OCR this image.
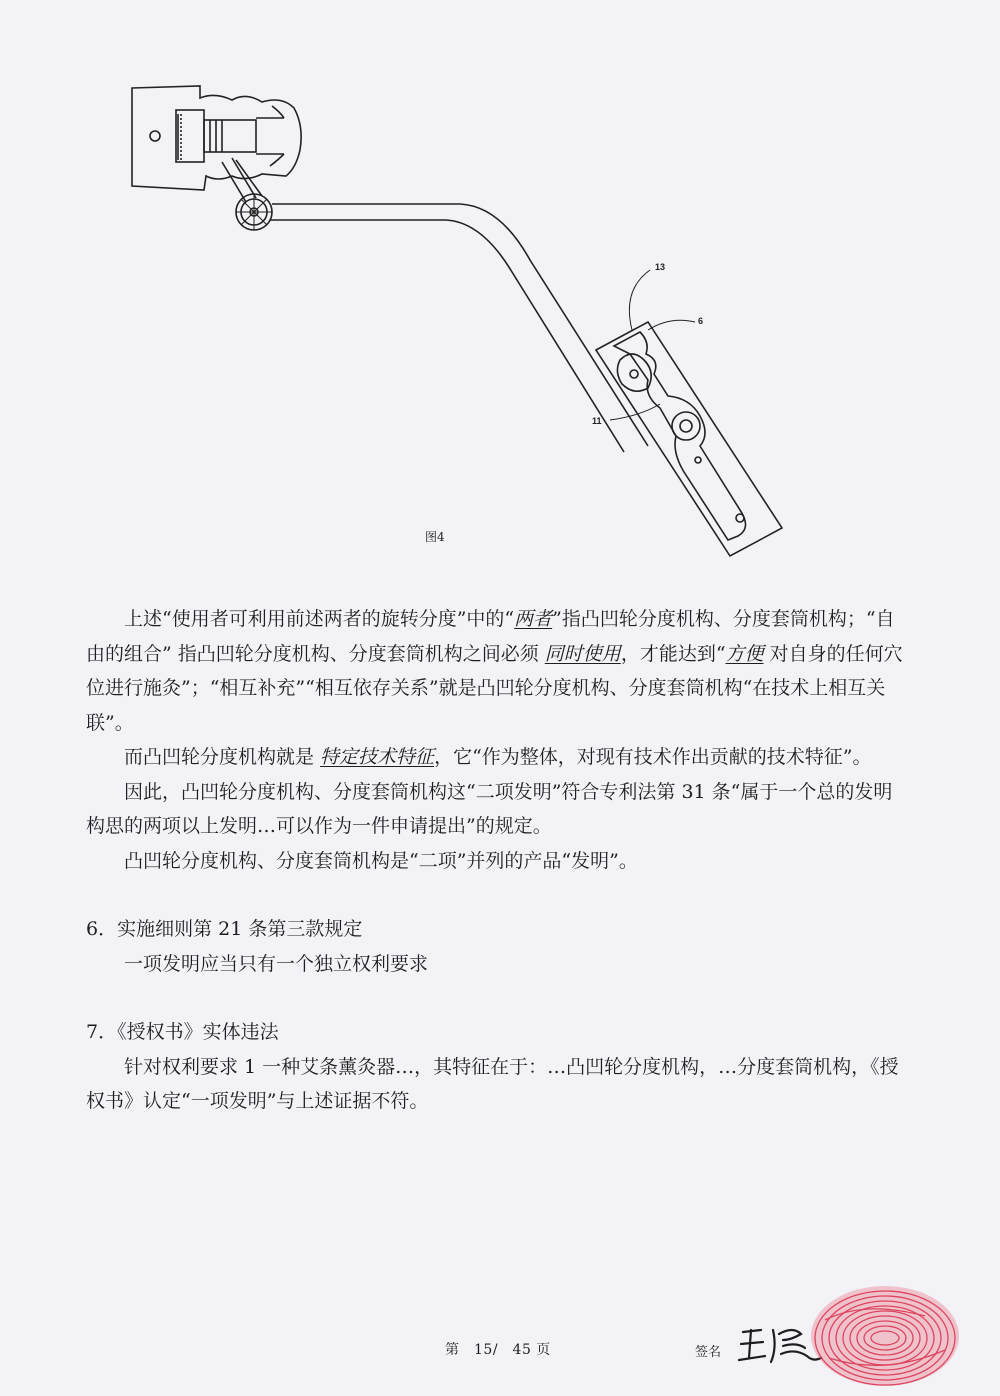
13
6
11
图4

上述“使用者可利用前述两者的旋转分度”中的“两者”指凸凹轮分度机构、分度套筒机构；“自由的组合” 指凸凹轮分度机构、分度套筒机构之间必须 同时使用，才能达到“方便 对自身的任何穴位进行施灸”；“相互补充”“相互依存关系”就是凸凹轮分度机构、分度套筒机构“在技术上相互关联”。

而凸凹轮分度机构就是 特定技术特征，它“作为整体，对现有技术作出贡献的技术特征”。

因此，凸凹轮分度机构、分度套筒机构这“二项发明”符合专利法第 31 条“属于一个总的发明构思的两项以上发明…可以作为一件申请提出”的规定。

凸凹轮分度机构、分度套筒机构是“二项”并列的产品“发明”。

6．实施细则第 21 条第三款规定

一项发明应当只有一个独立权利要求

7．《授权书》实体违法

针对权利要求 1 一种艾条薰灸器…，其特征在于：…凸凹轮分度机构，…分度套筒机构，《授权书》认定“一项发明”与上述证据不符。

第　15/　45 页	签名
